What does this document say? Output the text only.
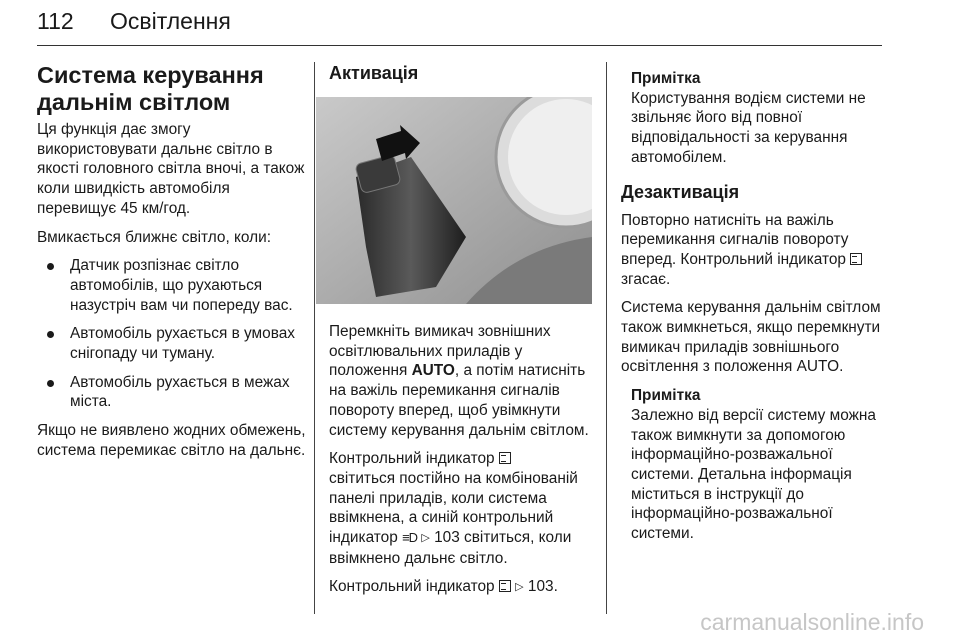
112 Освітлення
Система керування дальнім світлом

Ця функція дає змогу використовувати дальнє світло в якості головного світла вночі, а також коли швидкість автомобіля перевищує 45 км/год.

Вмикається ближнє світло, коли:

Датчик розпізнає світло автомобілів, що рухаються назустріч вам чи попереду вас.
Автомобіль рухається в умовах снігопаду чи туману.
Автомобіль рухається в межах міста.

Якщо не виявлено жодних обмежень, система перемикає світло на дальнє.

Активація

Перемкніть вимикач зовнішних освітлювальних приладів у положення AUTO, а потім натисніть на важіль перемикання сигналів повороту вперед, щоб увімкнути систему керування дальнім світлом.

Контрольний індикатор
світиться постійно на комбінованій панелі приладів, коли система ввімкнена, а синій контрольний індикатор ≡D ▷ 103 світиться, коли ввімкнено дальнє світло.

Контрольний індикатор ▷ 103.

Примітка
Користування водієм системи не звільняє його від повної відповідальності за керування автомобілем.
Дезактивація

Повторно натисніть на важіль перемикання сигналів повороту вперед. Контрольний індикатор  згасає.

Система керування дальнім світлом також вимкнеться, якщо перемкнути вимикач приладів зовнішнього освітлення з положення AUTO.

Примітка
Залежно від версії систему можна також вимкнути за допомогою інформаційно-розважальної системи. Детальна інформація міститься в інструкції до інформаційно-розважальної системи.
carmanualsonline.info
